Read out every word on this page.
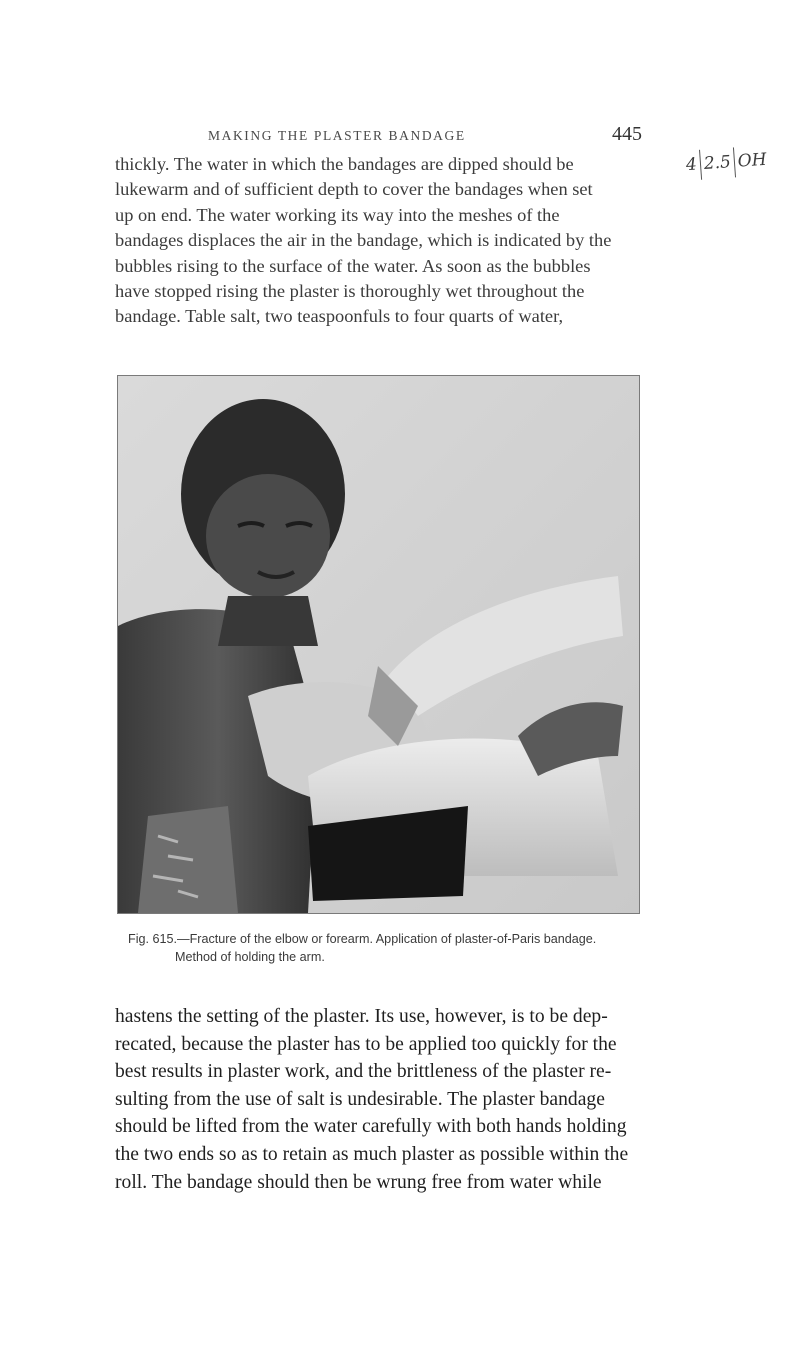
MAKING THE PLASTER BANDAGE	445
4 2.5 OH
thickly. The water in which the bandages are dipped should be
lukewarm and of sufficient depth to cover the bandages when set
up on end. The water working its way into the meshes of the
bandages displaces the air in the bandage, which is indicated by the
bubbles rising to the surface of the water. As soon as the bubbles
have stopped rising the plaster is thoroughly wet throughout the
bandage. Table salt, two teaspoonfuls to four quarts of water,
Fig. 615.—Fracture of the elbow or forearm. Application of plaster-of-Paris bandage.
Method of holding the arm.
hastens the setting of the plaster. Its use, however, is to be dep-
recated, because the plaster has to be applied too quickly for the
best results in plaster work, and the brittleness of the plaster re-
sulting from the use of salt is undesirable. The plaster bandage
should be lifted from the water carefully with both hands holding
the two ends so as to retain as much plaster as possible within the
roll. The bandage should then be wrung free from water while
